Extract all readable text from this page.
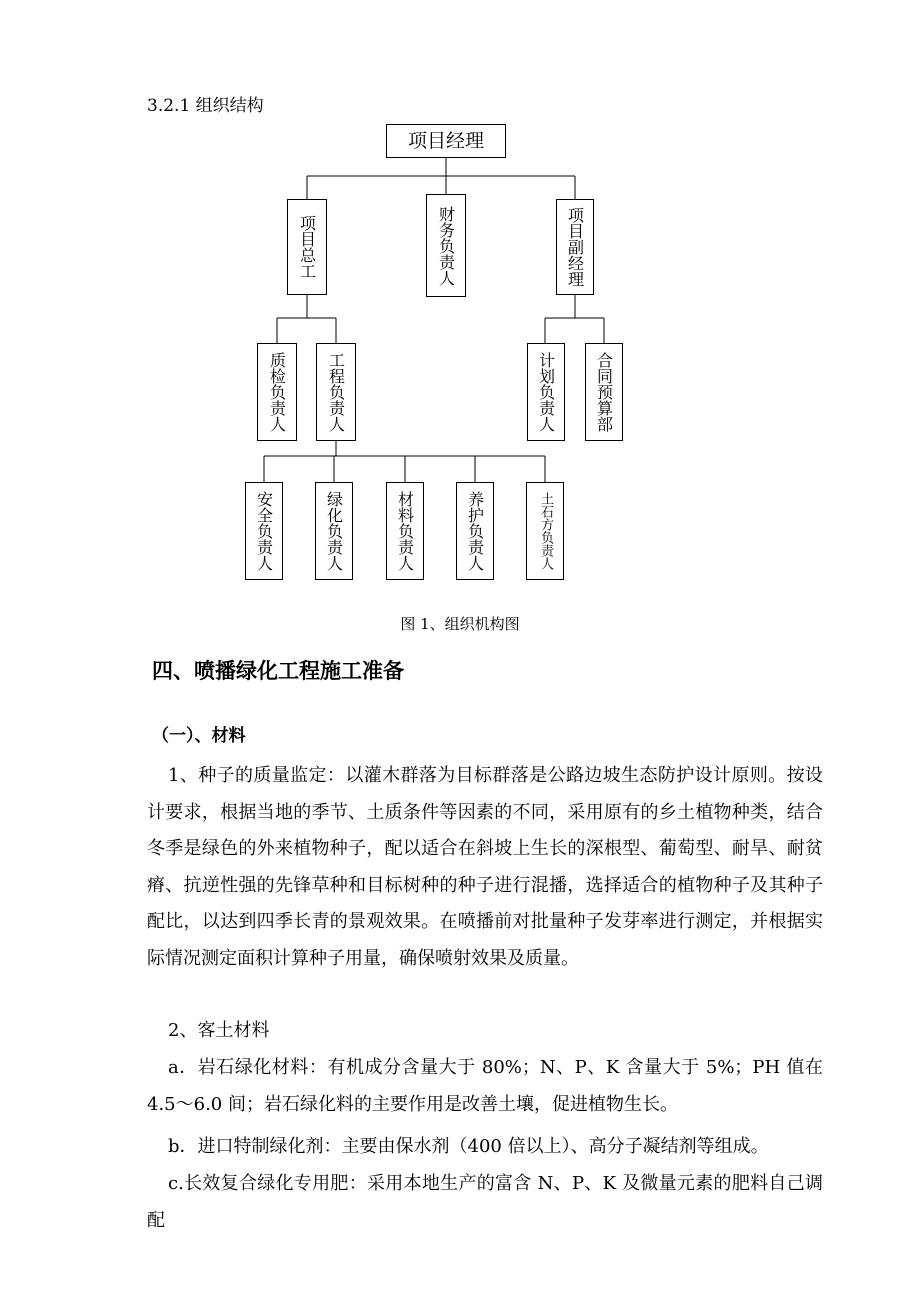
3.2.1 组织结构
项目经理
项目总工	财务负责人	项目副经理
质检负责人	工程负责人	计划负责人 合同预算部
安全负责人	绿化负责人	材料负责人	养护负责人	土石方负责人
图 1、组织机构图
四、喷播绿化工程施工准备
（一）、材料
1、种子的质量监定：以灌木群落为目标群落是公路边坡生态防护设计原则。按设计要求，根据当地的季节、土质条件等因素的不同，采用原有的乡土植物种类，结合冬季是绿色的外来植物种子，配以适合在斜坡上生长的深根型、葡萄型、耐旱、耐贫瘠、抗逆性强的先锋草种和目标树种的种子进行混播，选择适合的植物种子及其种子配比，以达到四季长青的景观效果。在喷播前对批量种子发芽率进行测定，并根据实际情况测定面积计算种子用量，确保喷射效果及质量。
2、客土材料
a．岩石绿化材料：有机成分含量大于 80%；N、P、K 含量大于 5%；PH 值在 4.5～6.0 间；岩石绿化料的主要作用是改善土壤，促进植物生长。
b．进口特制绿化剂：主要由保水剂（400 倍以上）、高分子凝结剂等组成。
c.长效复合绿化专用肥：采用本地生产的富含 N、P、K 及微量元素的肥料自己调配
